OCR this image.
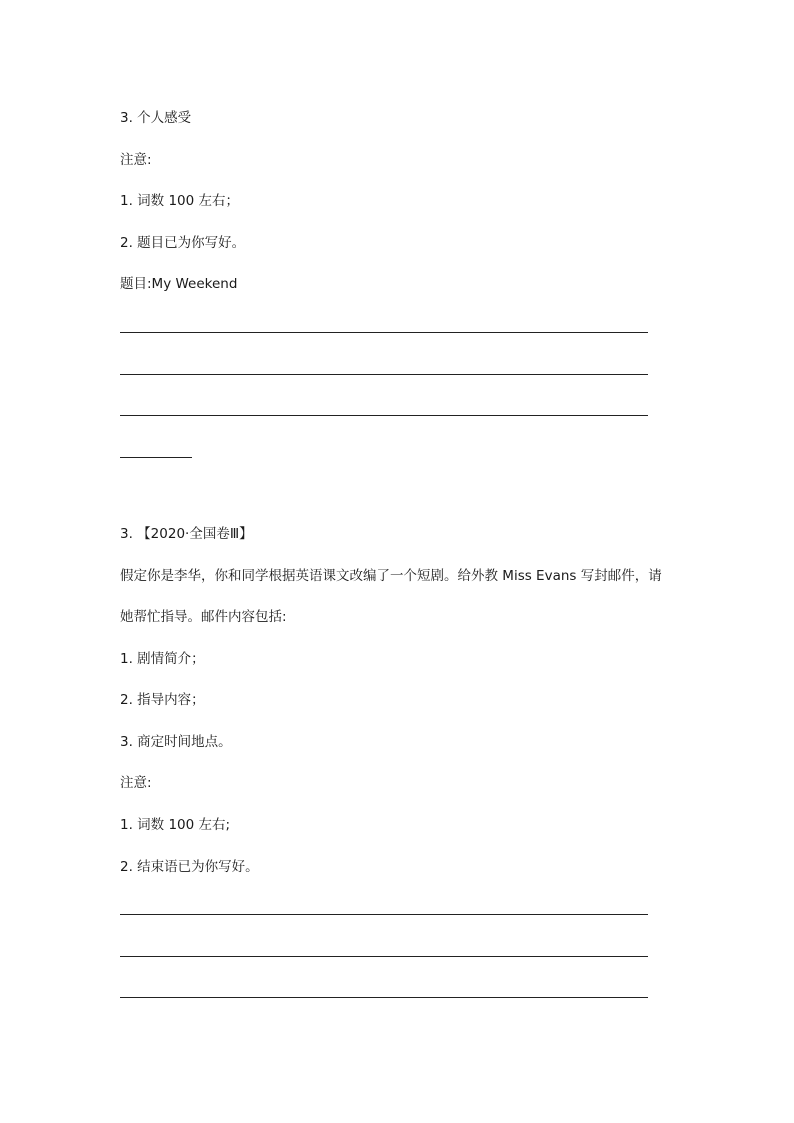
3. 个人感受
注意:
1. 词数 100 左右；
2. 题目已为你写好。
题目:My Weekend
3. 【2020·全国卷Ⅲ】
假定你是李华，你和同学根据英语课文改编了一个短剧。给外教 Miss Evans 写封邮件，请
她帮忙指导。邮件内容包括:
1. 剧情简介；
2. 指导内容；
3. 商定时间地点。
注意:
1. 词数 100 左右;
2. 结束语已为你写好。
